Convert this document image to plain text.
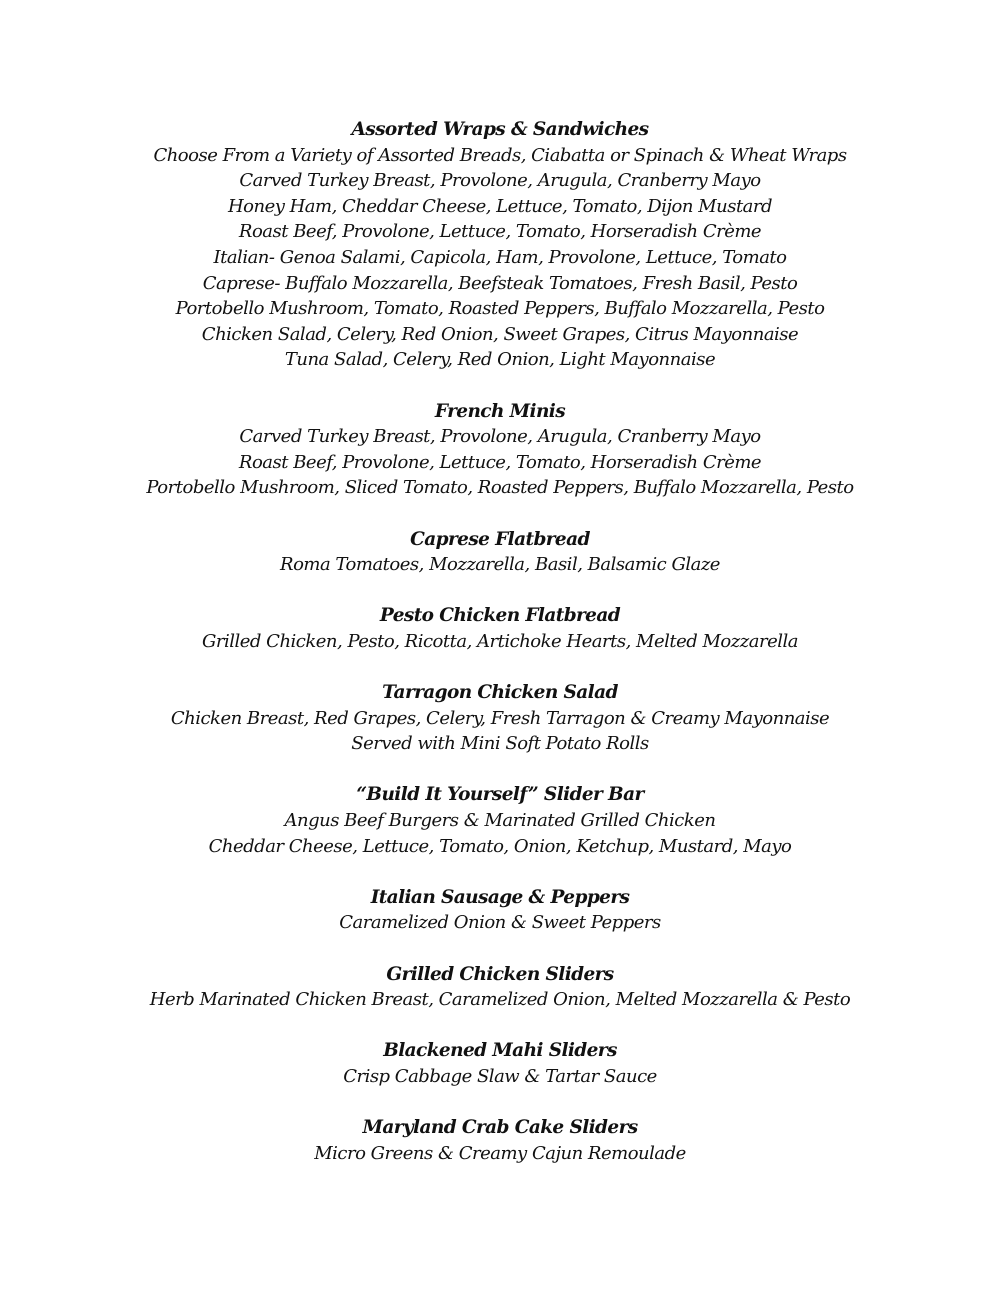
Assorted Wraps & Sandwiches
Choose From a Variety of Assorted Breads, Ciabatta or Spinach & Wheat Wraps
Carved Turkey Breast, Provolone, Arugula, Cranberry Mayo
Honey Ham, Cheddar Cheese, Lettuce, Tomato, Dijon Mustard
Roast Beef, Provolone, Lettuce, Tomato, Horseradish Crème
Italian- Genoa Salami, Capicola, Ham, Provolone, Lettuce, Tomato
Caprese- Buffalo Mozzarella, Beefsteak Tomatoes, Fresh Basil, Pesto
Portobello Mushroom, Tomato, Roasted Peppers, Buffalo Mozzarella, Pesto
Chicken Salad, Celery, Red Onion, Sweet Grapes, Citrus Mayonnaise
Tuna Salad, Celery, Red Onion, Light Mayonnaise
French Minis
Carved Turkey Breast, Provolone, Arugula, Cranberry Mayo
Roast Beef, Provolone, Lettuce, Tomato, Horseradish Crème
Portobello Mushroom, Sliced Tomato, Roasted Peppers, Buffalo Mozzarella, Pesto
Caprese Flatbread
Roma Tomatoes, Mozzarella, Basil, Balsamic Glaze
Pesto Chicken Flatbread
Grilled Chicken, Pesto, Ricotta, Artichoke Hearts, Melted Mozzarella
Tarragon Chicken Salad
Chicken Breast, Red Grapes, Celery, Fresh Tarragon & Creamy Mayonnaise
Served with Mini Soft Potato Rolls
“Build It Yourself” Slider Bar
Angus Beef Burgers & Marinated Grilled Chicken
Cheddar Cheese, Lettuce, Tomato, Onion, Ketchup, Mustard, Mayo
Italian Sausage & Peppers
Caramelized Onion & Sweet Peppers
Grilled Chicken Sliders
Herb Marinated Chicken Breast, Caramelized Onion, Melted Mozzarella & Pesto
Blackened Mahi Sliders
Crisp Cabbage Slaw & Tartar Sauce
Maryland Crab Cake Sliders
Micro Greens & Creamy Cajun Remoulade
